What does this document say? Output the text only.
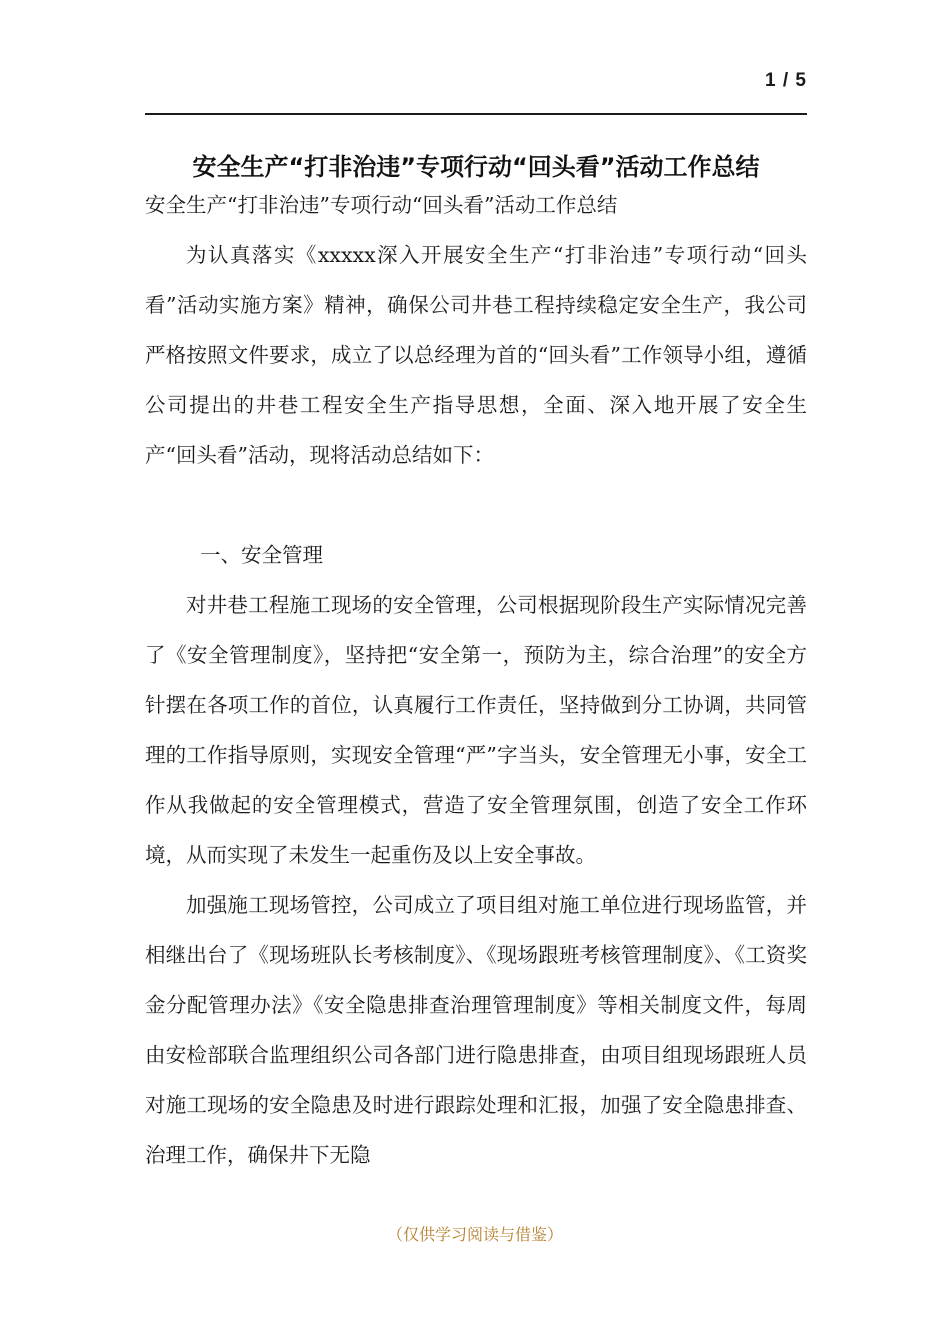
1 / 5
安全生产“打非治违”专项行动“回头看”活动工作总结

安全生产“打非治违”专项行动“回头看”活动工作总结

为认真落实《xxxxx深入开展安全生产“打非治违”专项行动“回头看”活动实施方案》精神，确保公司井巷工程持续稳定安全生产，我公司严格按照文件要求，成立了以总经理为首的“回头看”工作领导小组，遵循公司提出的井巷工程安全生产指导思想，全面、深入地开展了安全生产“回头看”活动，现将活动总结如下：

一、安全管理

对井巷工程施工现场的安全管理，公司根据现阶段生产实际情况完善了《安全管理制度》，坚持把“安全第一，预防为主，综合治理”的安全方针摆在各项工作的首位，认真履行工作责任，坚持做到分工协调，共同管理的工作指导原则，实现安全管理“严”字当头，安全管理无小事，安全工作从我做起的安全管理模式，营造了安全管理氛围，创造了安全工作环境，从而实现了未发生一起重伤及以上安全事故。

加强施工现场管控，公司成立了项目组对施工单位进行现场监管，并相继出台了《现场班队长考核制度》、《现场跟班考核管理制度》、《工资奖金分配管理办法》《安全隐患排查治理管理制度》等相关制度文件，每周由安检部联合监理组织公司各部门进行隐患排查，由项目组现场跟班人员对施工现场的安全隐患及时进行跟踪处理和汇报，加强了安全隐患排查、治理工作，确保井下无隐

（仅供学习阅读与借鉴）
